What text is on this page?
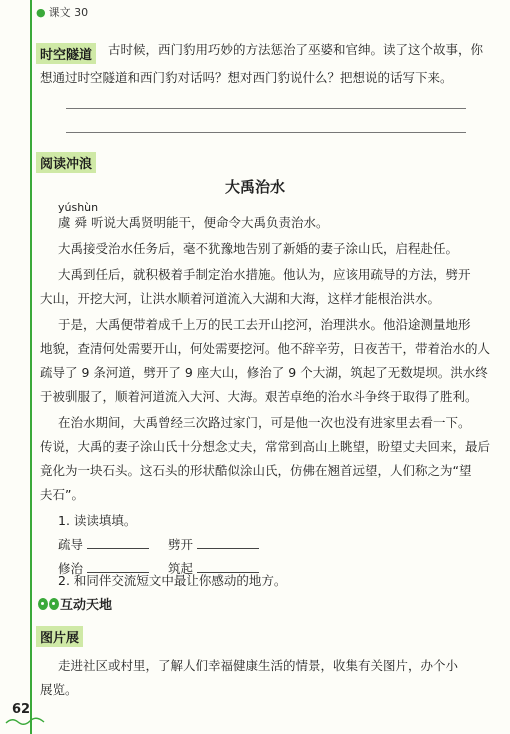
● 课文 30
时空隧道	古时候，西门豹用巧妙的方法惩治了巫婆和官绅。读了这个故事，你
想通过时空隧道和西门豹对话吗？想对西门豹说什么？把想说的话写下来。
阅读冲浪
大禹治水
yúshùn
虞 舜 听说大禹贤明能干，便命令大禹负责治水。
大禹接受治水任务后，毫不犹豫地告别了新婚的妻子涂山氏，启程赴任。
大禹到任后，就积极着手制定治水措施。他认为，应该用疏导的方法，劈开
大山，开挖大河，让洪水顺着河道流入大湖和大海，这样才能根治洪水。
于是，大禹便带着成千上万的民工去开山挖河，治理洪水。他沿途测量地形
地貌，查清何处需要开山，何处需要挖河。他不辞辛劳，日夜苦干，带着治水的人
疏导了 9 条河道，劈开了 9 座大山，修治了 9 个大湖，筑起了无数堤坝。洪水终
于被驯服了，顺着河道流入大河、大海。艰苦卓绝的治水斗争终于取得了胜利。
在治水期间，大禹曾经三次路过家门，可是他一次也没有进家里去看一下。
传说，大禹的妻子涂山氏十分想念丈夫，常常到高山上眺望，盼望丈夫回来，最后
竟化为一块石头。这石头的形状酷似涂山氏，仿佛在翘首远望，人们称之为“望
夫石”。
1. 读读填填。
疏导	劈开
修治	筑起
2. 和同伴交流短文中最让你感动的地方。
互动天地
图片展
走进社区或村里，了解人们幸福健康生活的情景，收集有关图片，办个小
展览。
62
